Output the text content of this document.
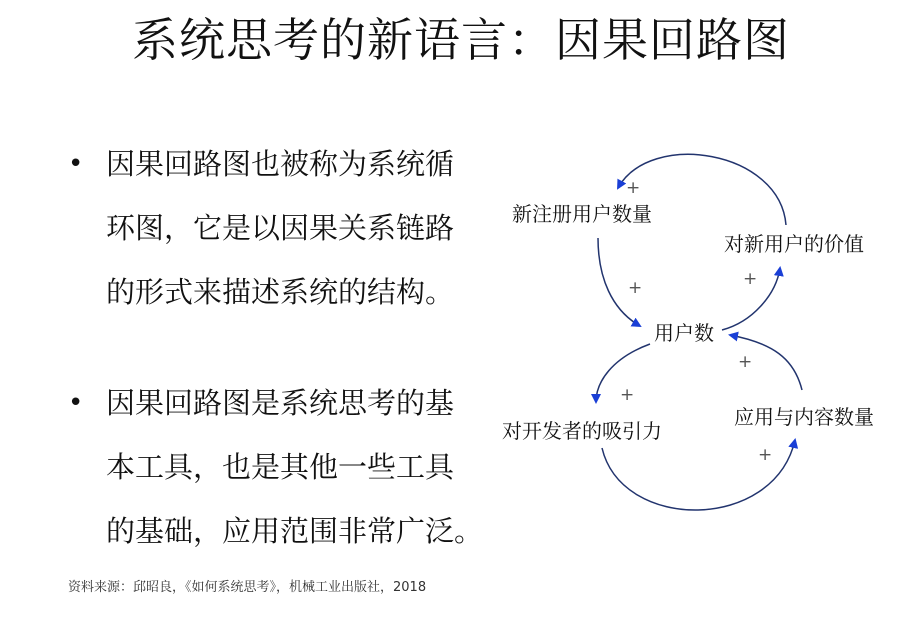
系统思考的新语言：因果回路图
• 因果回路图也被称为系统循
环图，它是以因果关系链路
的形式来描述系统的结构。
• 因果回路图是系统思考的基
本工具，也是其他一些工具
的基础，应用范围非常广泛。
新注册用户数量
对新用户的价值
用户数
对开发者的吸引力
应用与内容数量
+
+	+
+
+
+
资料来源：邱昭良，《如何系统思考》，机械工业出版社，2018
